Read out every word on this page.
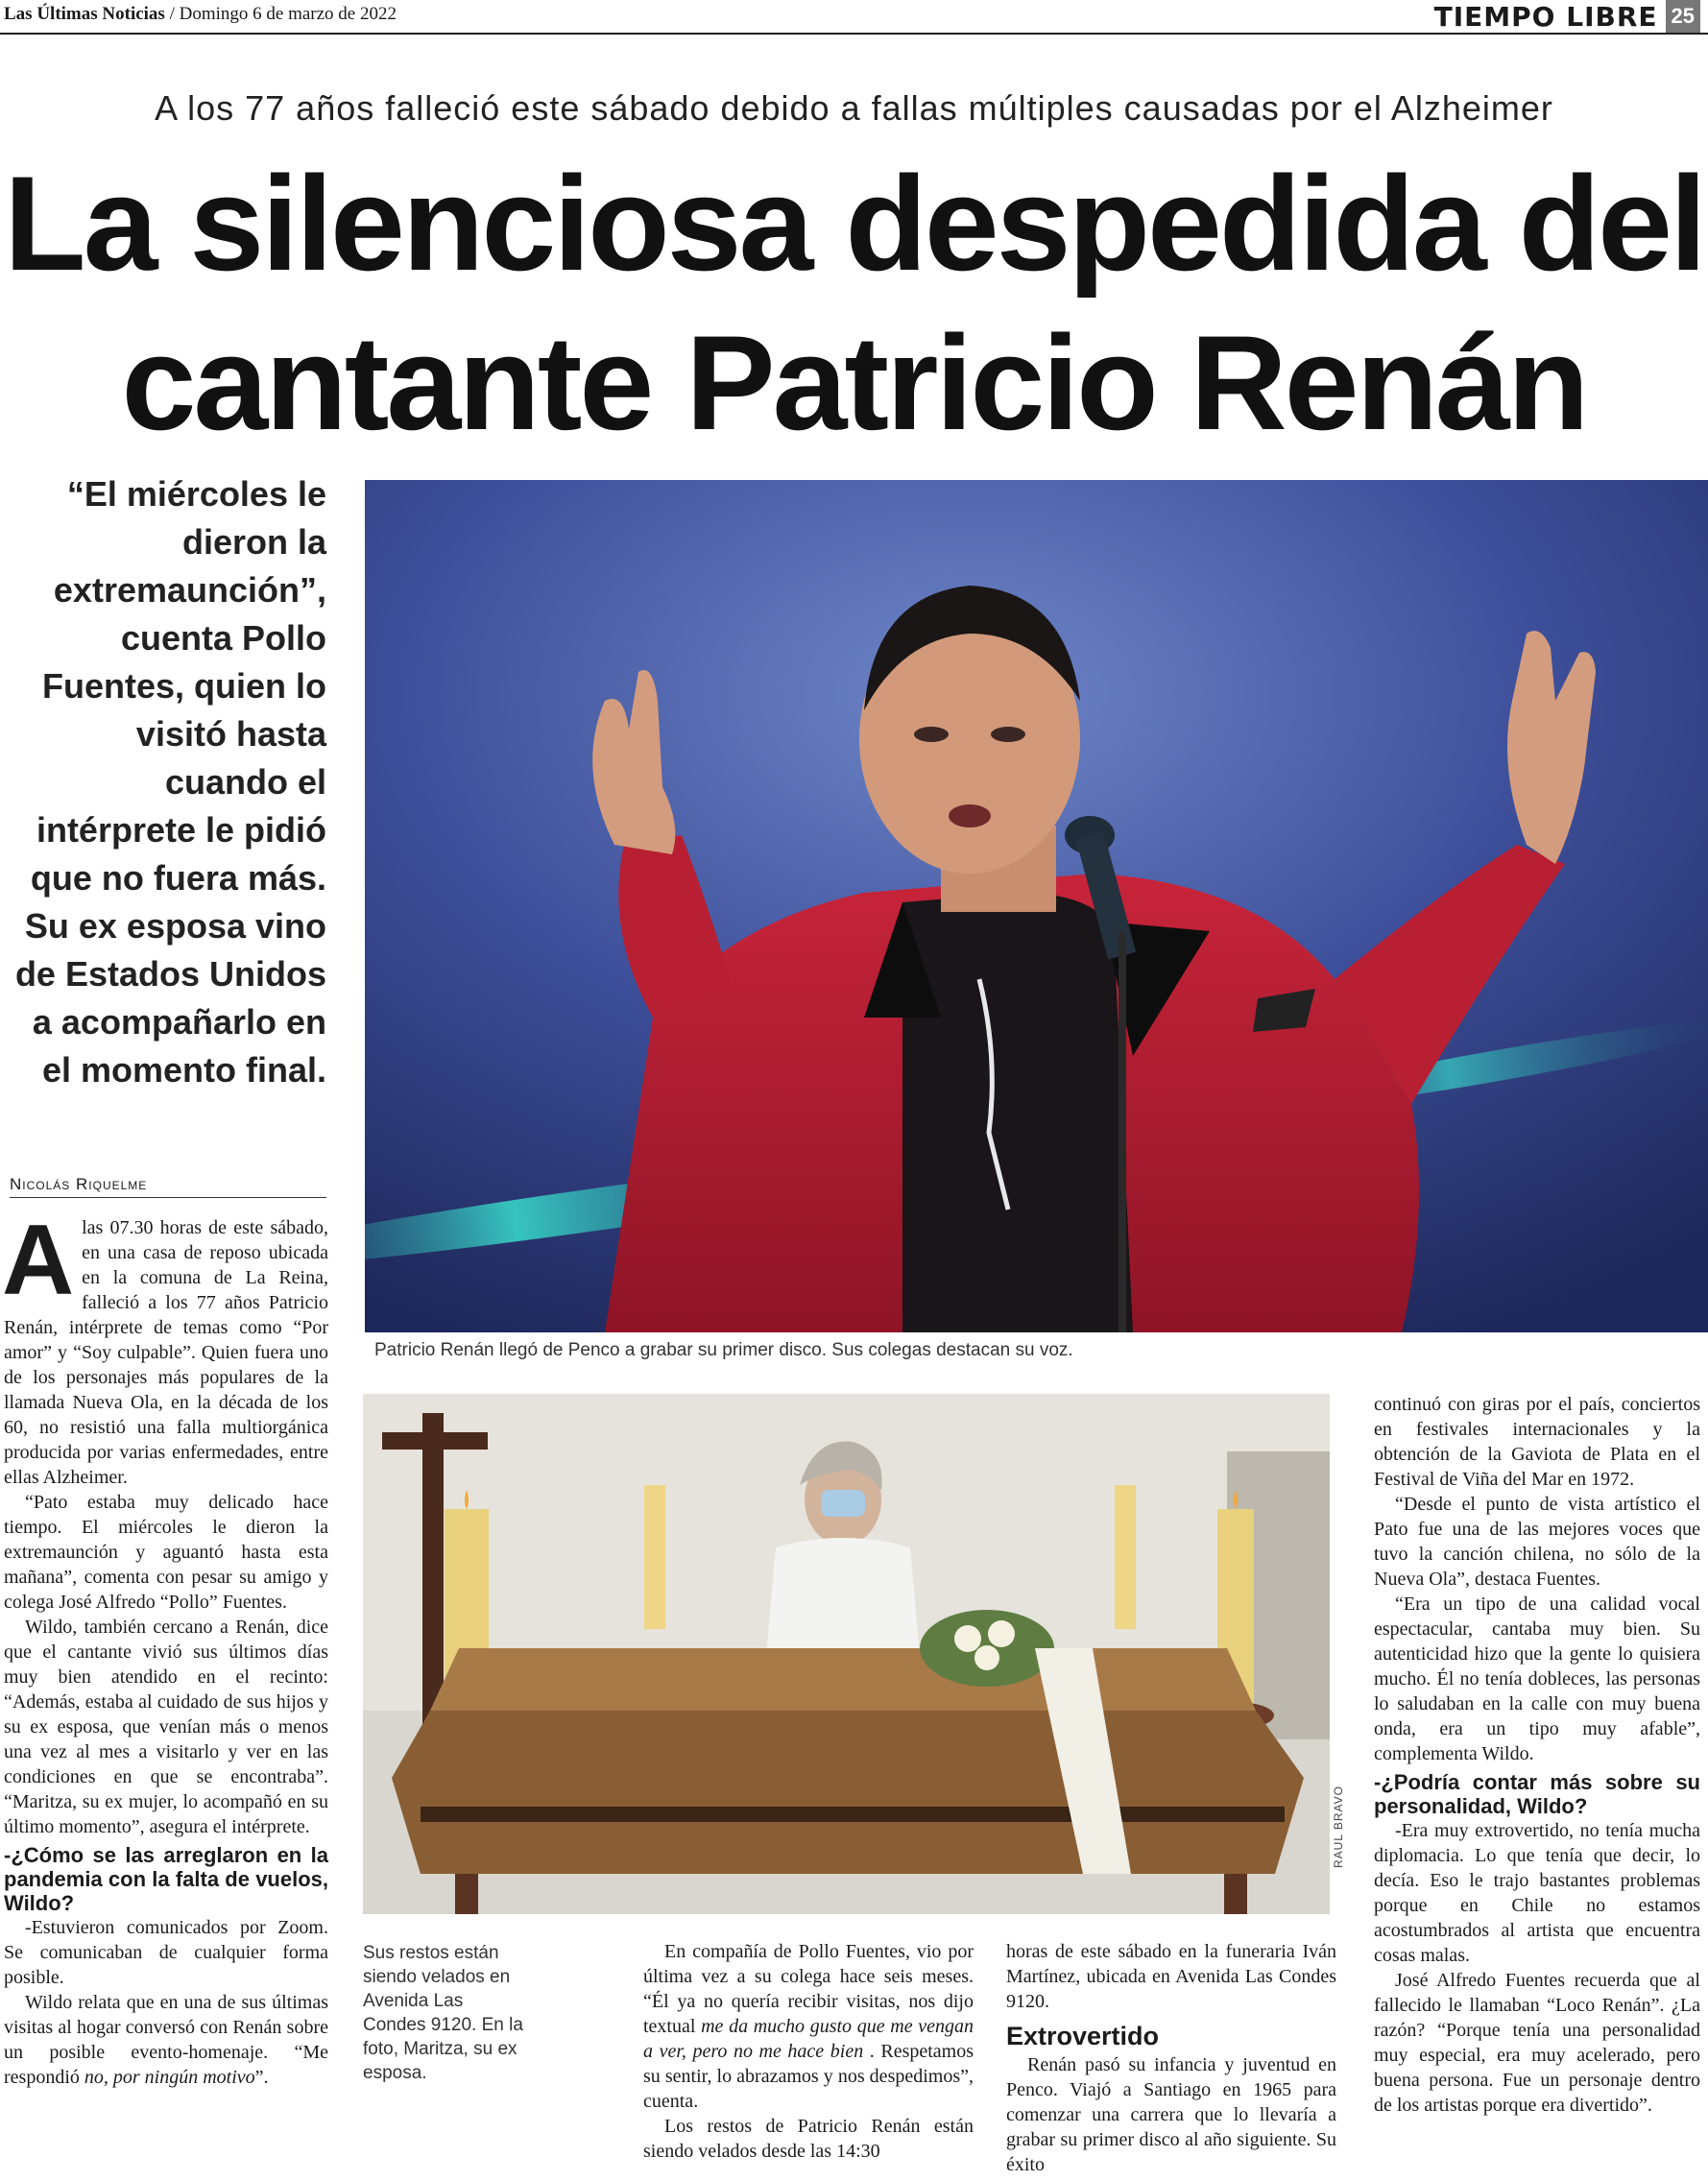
Las Últimas Noticias / Domingo 6 de marzo de 2022	TIEMPO LIBRE 25
A los 77 años falleció este sábado debido a fallas múltiples causadas por el Alzheimer
La silenciosa despedida del
cantante Patricio Renán
“El miércoles le dieron la extremaunción”, cuenta Pollo Fuentes, quien lo visitó hasta cuando el intérprete le pidió que no fuera más. Su ex esposa vino de Estados Unidos a acompañarlo en el momento final.
Nicolás Riquelme
A las 07.30 horas de este sábado, en una casa de reposo ubicada en la comuna de La Reina, falleció a los 77 años Patricio Renán, intérprete de temas como “Por amor” y “Soy culpable”. Quien fuera uno de los personajes más populares de la llamada Nueva Ola, en la década de los 60, no resistió una falla multiorgánica producida por varias enfermedades, entre ellas Alzheimer.

“Pato estaba muy delicado hace tiempo. El miércoles le dieron la extremaunción y aguantó hasta esta mañana”, comenta con pesar su amigo y colega José Alfredo “Pollo” Fuentes.

Wildo, también cercano a Renán, dice que el cantante vivió sus últimos días muy bien atendido en el recinto: “Además, estaba al cuidado de sus hijos y su ex esposa, que venían más o menos una vez al mes a visitarlo y ver en las condiciones en que se encontraba”. “Maritza, su ex mujer, lo acompañó en su último momento”, asegura el intérprete.

-¿Cómo se las arreglaron en la pandemia con la falta de vuelos, Wildo?

-Estuvieron comunicados por Zoom. Se comunicaban de cualquier forma posible.

Wildo relata que en una de sus últimas visitas al hogar conversó con Renán sobre un posible evento-homenaje. “Me respondió no, por ningún motivo”.

Patricio Renán llegó de Penco a grabar su primer disco. Sus colegas destacan su voz.
RAUL BRAVO
Sus restos están siendo velados en Avenida Las Condes 9120. En la foto, Maritza, su ex esposa.

En compañía de Pollo Fuentes, vio por última vez a su colega hace seis meses. “Él ya no quería recibir visitas, nos dijo textual me da mucho gusto que me vengan a ver, pero no me hace bien . Respetamos su sentir, lo abrazamos y nos despedimos”, cuenta.

Los restos de Patricio Renán están siendo velados desde las 14:30

horas de este sábado en la funeraria Iván Martínez, ubicada en Avenida Las Condes 9120.

Extrovertido

Renán pasó su infancia y juventud en Penco. Viajó a Santiago en 1965 para comenzar una carrera que lo llevaría a grabar su primer disco al año siguiente. Su éxito

continuó con giras por el país, conciertos en festivales internacionales y la obtención de la Gaviota de Plata en el Festival de Viña del Mar en 1972.

“Desde el punto de vista artístico el Pato fue una de las mejores voces que tuvo la canción chilena, no sólo de la Nueva Ola”, destaca Fuentes.

“Era un tipo de una calidad vocal espectacular, cantaba muy bien. Su autenticidad hizo que la gente lo quisiera mucho. Él no tenía dobleces, las personas lo saludaban en la calle con muy buena onda, era un tipo muy afable”, complementa Wildo.

-¿Podría contar más sobre su personalidad, Wildo?

-Era muy extrovertido, no tenía mucha diplomacia. Lo que tenía que decir, lo decía. Eso le trajo bastantes problemas porque en Chile no estamos acostumbrados al artista que encuentra cosas malas.

José Alfredo Fuentes recuerda que al fallecido le llamaban “Loco Renán”. ¿La razón? “Porque tenía una personalidad muy especial, era muy acelerado, pero buena persona. Fue un personaje dentro de los artistas porque era divertido”.
